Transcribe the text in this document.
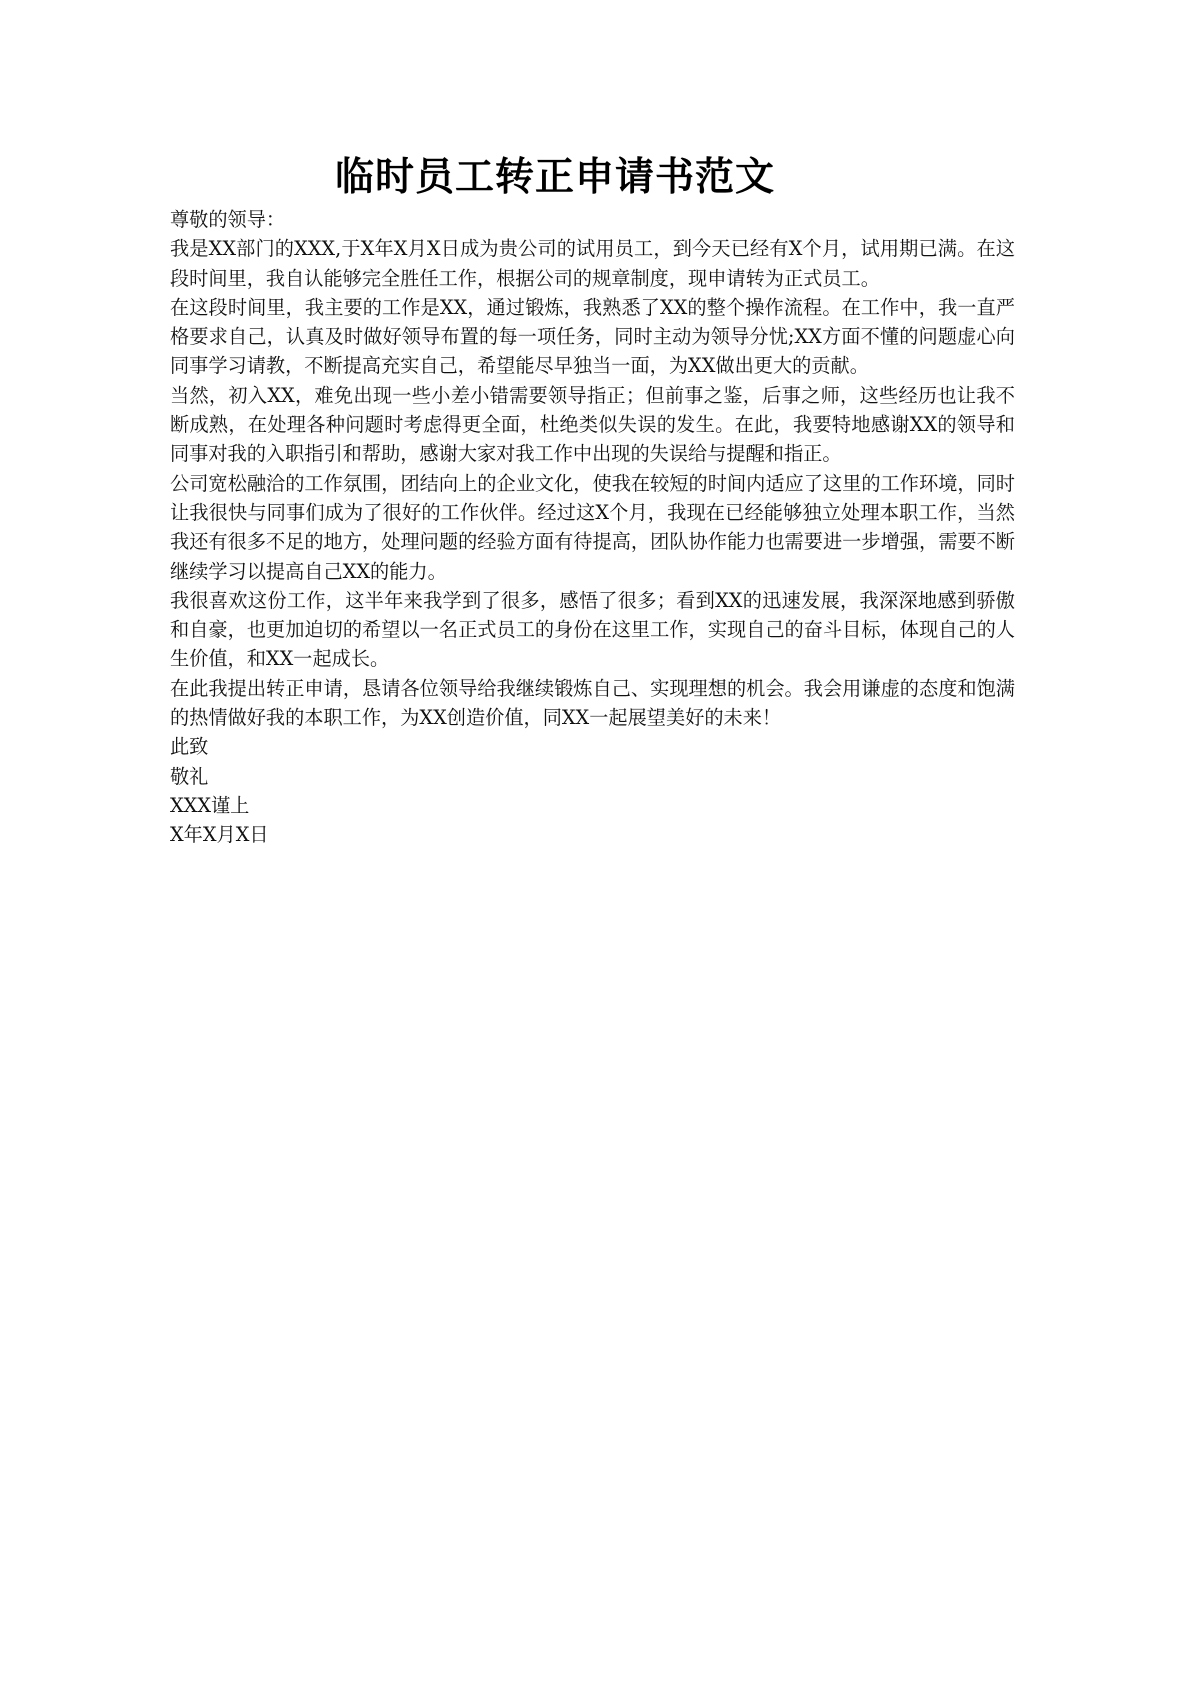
临时员工转正申请书范文

尊敬的领导：

我是XX部门的XXX,于X年X月X日成为贵公司的试用员工，到今天已经有X个月，试用期已满。在这段时间里，我自认能够完全胜任工作，根据公司的规章制度，现申请转为正式员工。

在这段时间里，我主要的工作是XX，通过锻炼，我熟悉了XX的整个操作流程。在工作中，我一直严格要求自己，认真及时做好领导布置的每一项任务，同时主动为领导分忧;XX方面不懂的问题虚心向同事学习请教，不断提高充实自己，希望能尽早独当一面，为XX做出更大的贡献。

当然，初入XX，难免出现一些小差小错需要领导指正；但前事之鉴，后事之师，这些经历也让我不断成熟，在处理各种问题时考虑得更全面，杜绝类似失误的发生。在此，我要特地感谢XX的领导和同事对我的入职指引和帮助，感谢大家对我工作中出现的失误给与提醒和指正。

公司宽松融洽的工作氛围，团结向上的企业文化，使我在较短的时间内适应了这里的工作环境，同时让我很快与同事们成为了很好的工作伙伴。经过这X个月，我现在已经能够独立处理本职工作，当然我还有很多不足的地方，处理问题的经验方面有待提高，团队协作能力也需要进一步增强，需要不断继续学习以提高自己XX的能力。

我很喜欢这份工作，这半年来我学到了很多，感悟了很多；看到XX的迅速发展，我深深地感到骄傲和自豪，也更加迫切的希望以一名正式员工的身份在这里工作，实现自己的奋斗目标，体现自己的人生价值，和XX一起成长。

在此我提出转正申请，恳请各位领导给我继续锻炼自己、实现理想的机会。我会用谦虚的态度和饱满的热情做好我的本职工作，为XX创造价值，同XX一起展望美好的未来！

此致

敬礼

XXX谨上

X年X月X日
